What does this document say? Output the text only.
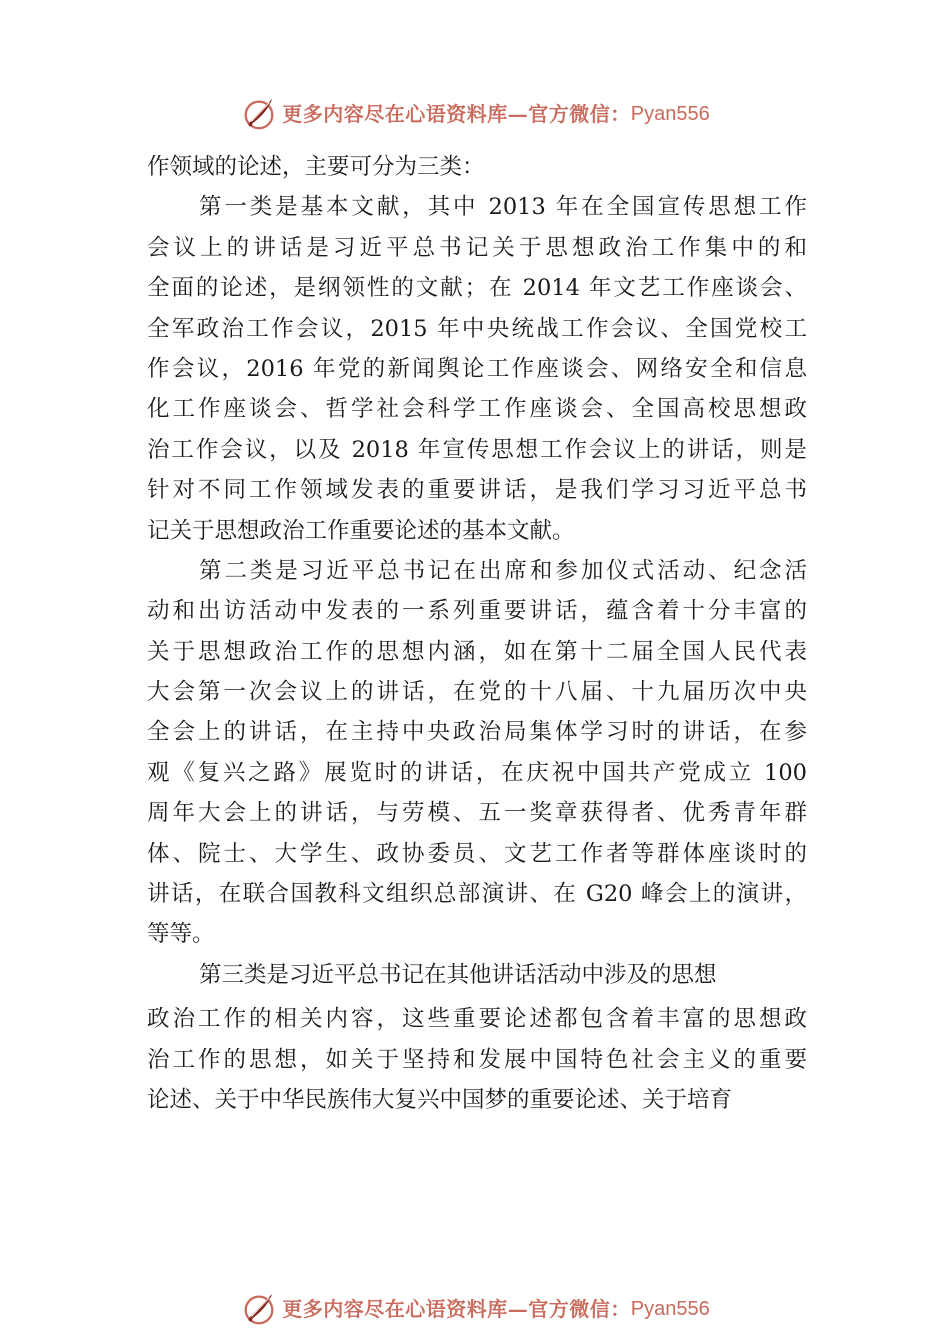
更多内容尽在心语资料库—官方微信： Pyan556
作领域的论述，主要可分为三类：
第一类是基本文献，其中 2013 年在全国宣传思想工作
会议上的讲话是习近平总书记关于思想政治工作集中的和
全面的论述，是纲领性的文献；在 2014 年文艺工作座谈会、
全军政治工作会议，2015 年中央统战工作会议、全国党校工
作会议，2016 年党的新闻舆论工作座谈会、网络安全和信息
化工作座谈会、哲学社会科学工作座谈会、全国高校思想政
治工作会议，以及 2018 年宣传思想工作会议上的讲话，则是
针对不同工作领域发表的重要讲话，是我们学习习近平总书
记关于思想政治工作重要论述的基本文献。
第二类是习近平总书记在出席和参加仪式活动、纪念活
动和出访活动中发表的一系列重要讲话，蕴含着十分丰富的
关于思想政治工作的思想内涵，如在第十二届全国人民代表
大会第一次会议上的讲话，在党的十八届、十九届历次中央
全会上的讲话，在主持中央政治局集体学习时的讲话，在参
观《复兴之路》展览时的讲话，在庆祝中国共产党成立 100
周年大会上的讲话，与劳模、五一奖章获得者、优秀青年群
体、院士、大学生、政协委员、文艺工作者等群体座谈时的
讲话，在联合国教科文组织总部演讲、在 G20 峰会上的演讲，
等等。
第三类是习近平总书记在其他讲话活动中涉及的思想
政治工作的相关内容，这些重要论述都包含着丰富的思想政
治工作的思想，如关于坚持和发展中国特色社会主义的重要
论述、关于中华民族伟大复兴中国梦的重要论述、关于培育
更多内容尽在心语资料库—官方微信： Pyan556
